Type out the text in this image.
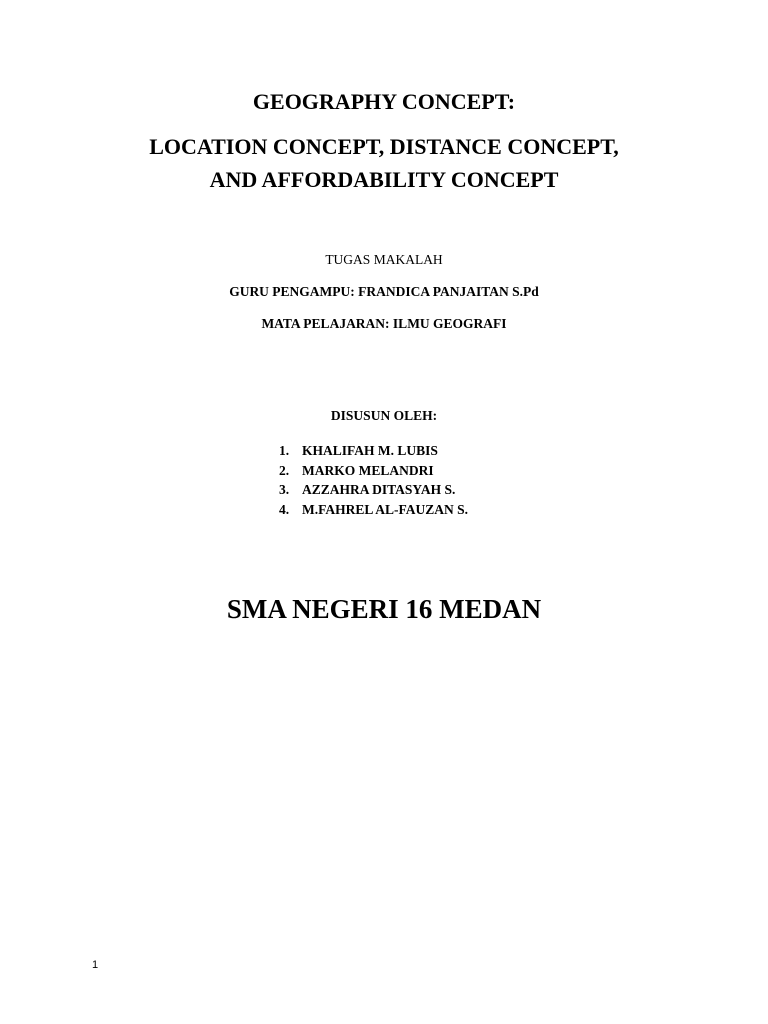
GEOGRAPHY CONCEPT:
LOCATION CONCEPT, DISTANCE CONCEPT,
AND AFFORDABILITY CONCEPT
TUGAS MAKALAH
GURU PENGAMPU: FRANDICA PANJAITAN S.Pd
MATA PELAJARAN: ILMU GEOGRAFI
DISUSUN OLEH:
1. KHALIFAH M. LUBIS
2. MARKO MELANDRI
3. AZZAHRA DITASYAH S.
4. M.FAHREL AL-FAUZAN S.
SMA NEGERI 16 MEDAN
1
